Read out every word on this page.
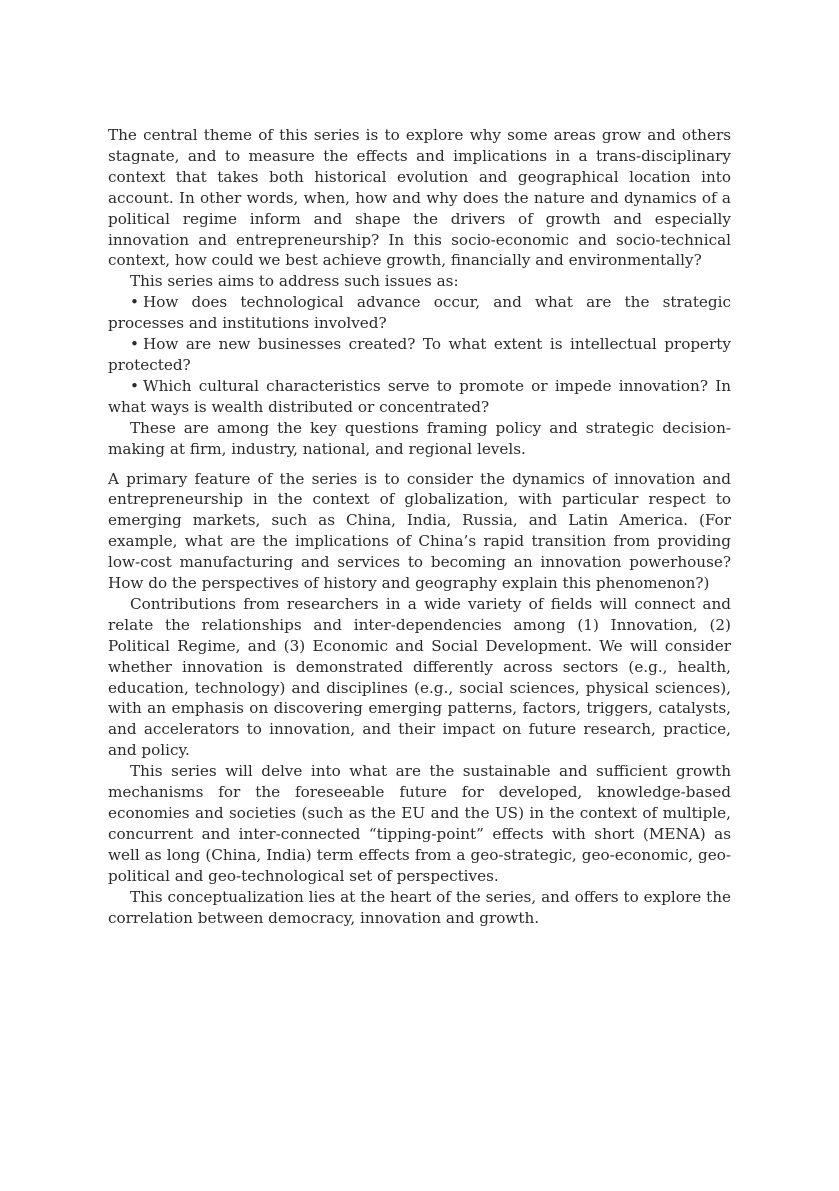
The central theme of this series is to explore why some areas grow and others stagnate, and to measure the effects and implications in a trans-disciplinary context that takes both historical evolution and geographical location into account. In other words, when, how and why does the nature and dynamics of a political regime inform and shape the drivers of growth and especially innovation and entrepreneurship? In this socio-economic and socio-technical context, how could we best achieve growth, financially and environmentally?

This series aims to address such issues as:

• How does technological advance occur, and what are the strategic processes and institutions involved?

• How are new businesses created? To what extent is intellectual property protected?

• Which cultural characteristics serve to promote or impede innovation? In what ways is wealth distributed or concentrated?

These are among the key questions framing policy and strategic decision-making at firm, industry, national, and regional levels.

A primary feature of the series is to consider the dynamics of innovation and entrepreneurship in the context of globalization, with particular respect to emerging markets, such as China, India, Russia, and Latin America. (For example, what are the implications of China’s rapid transition from providing low-cost manufacturing and services to becoming an innovation powerhouse? How do the perspectives of history and geography explain this phenomenon?)

Contributions from researchers in a wide variety of fields will connect and relate the relationships and inter-dependencies among (1) Innovation, (2) Political Regime, and (3) Economic and Social Development. We will consider whether innovation is demonstrated differently across sectors (e.g., health, education, technology) and disciplines (e.g., social sciences, physical sciences), with an emphasis on discovering emerging patterns, factors, triggers, catalysts, and accelerators to innovation, and their impact on future research, practice, and policy.

This series will delve into what are the sustainable and sufficient growth mechanisms for the foreseeable future for developed, knowledge-based economies and societies (such as the EU and the US) in the context of multiple, concurrent and inter-connected “tipping-point” effects with short (MENA) as well as long (China, India) term effects from a geo-strategic, geo-economic, geo-political and geo-technological set of perspectives.

This conceptualization lies at the heart of the series, and offers to explore the correlation between democracy, innovation and growth.
